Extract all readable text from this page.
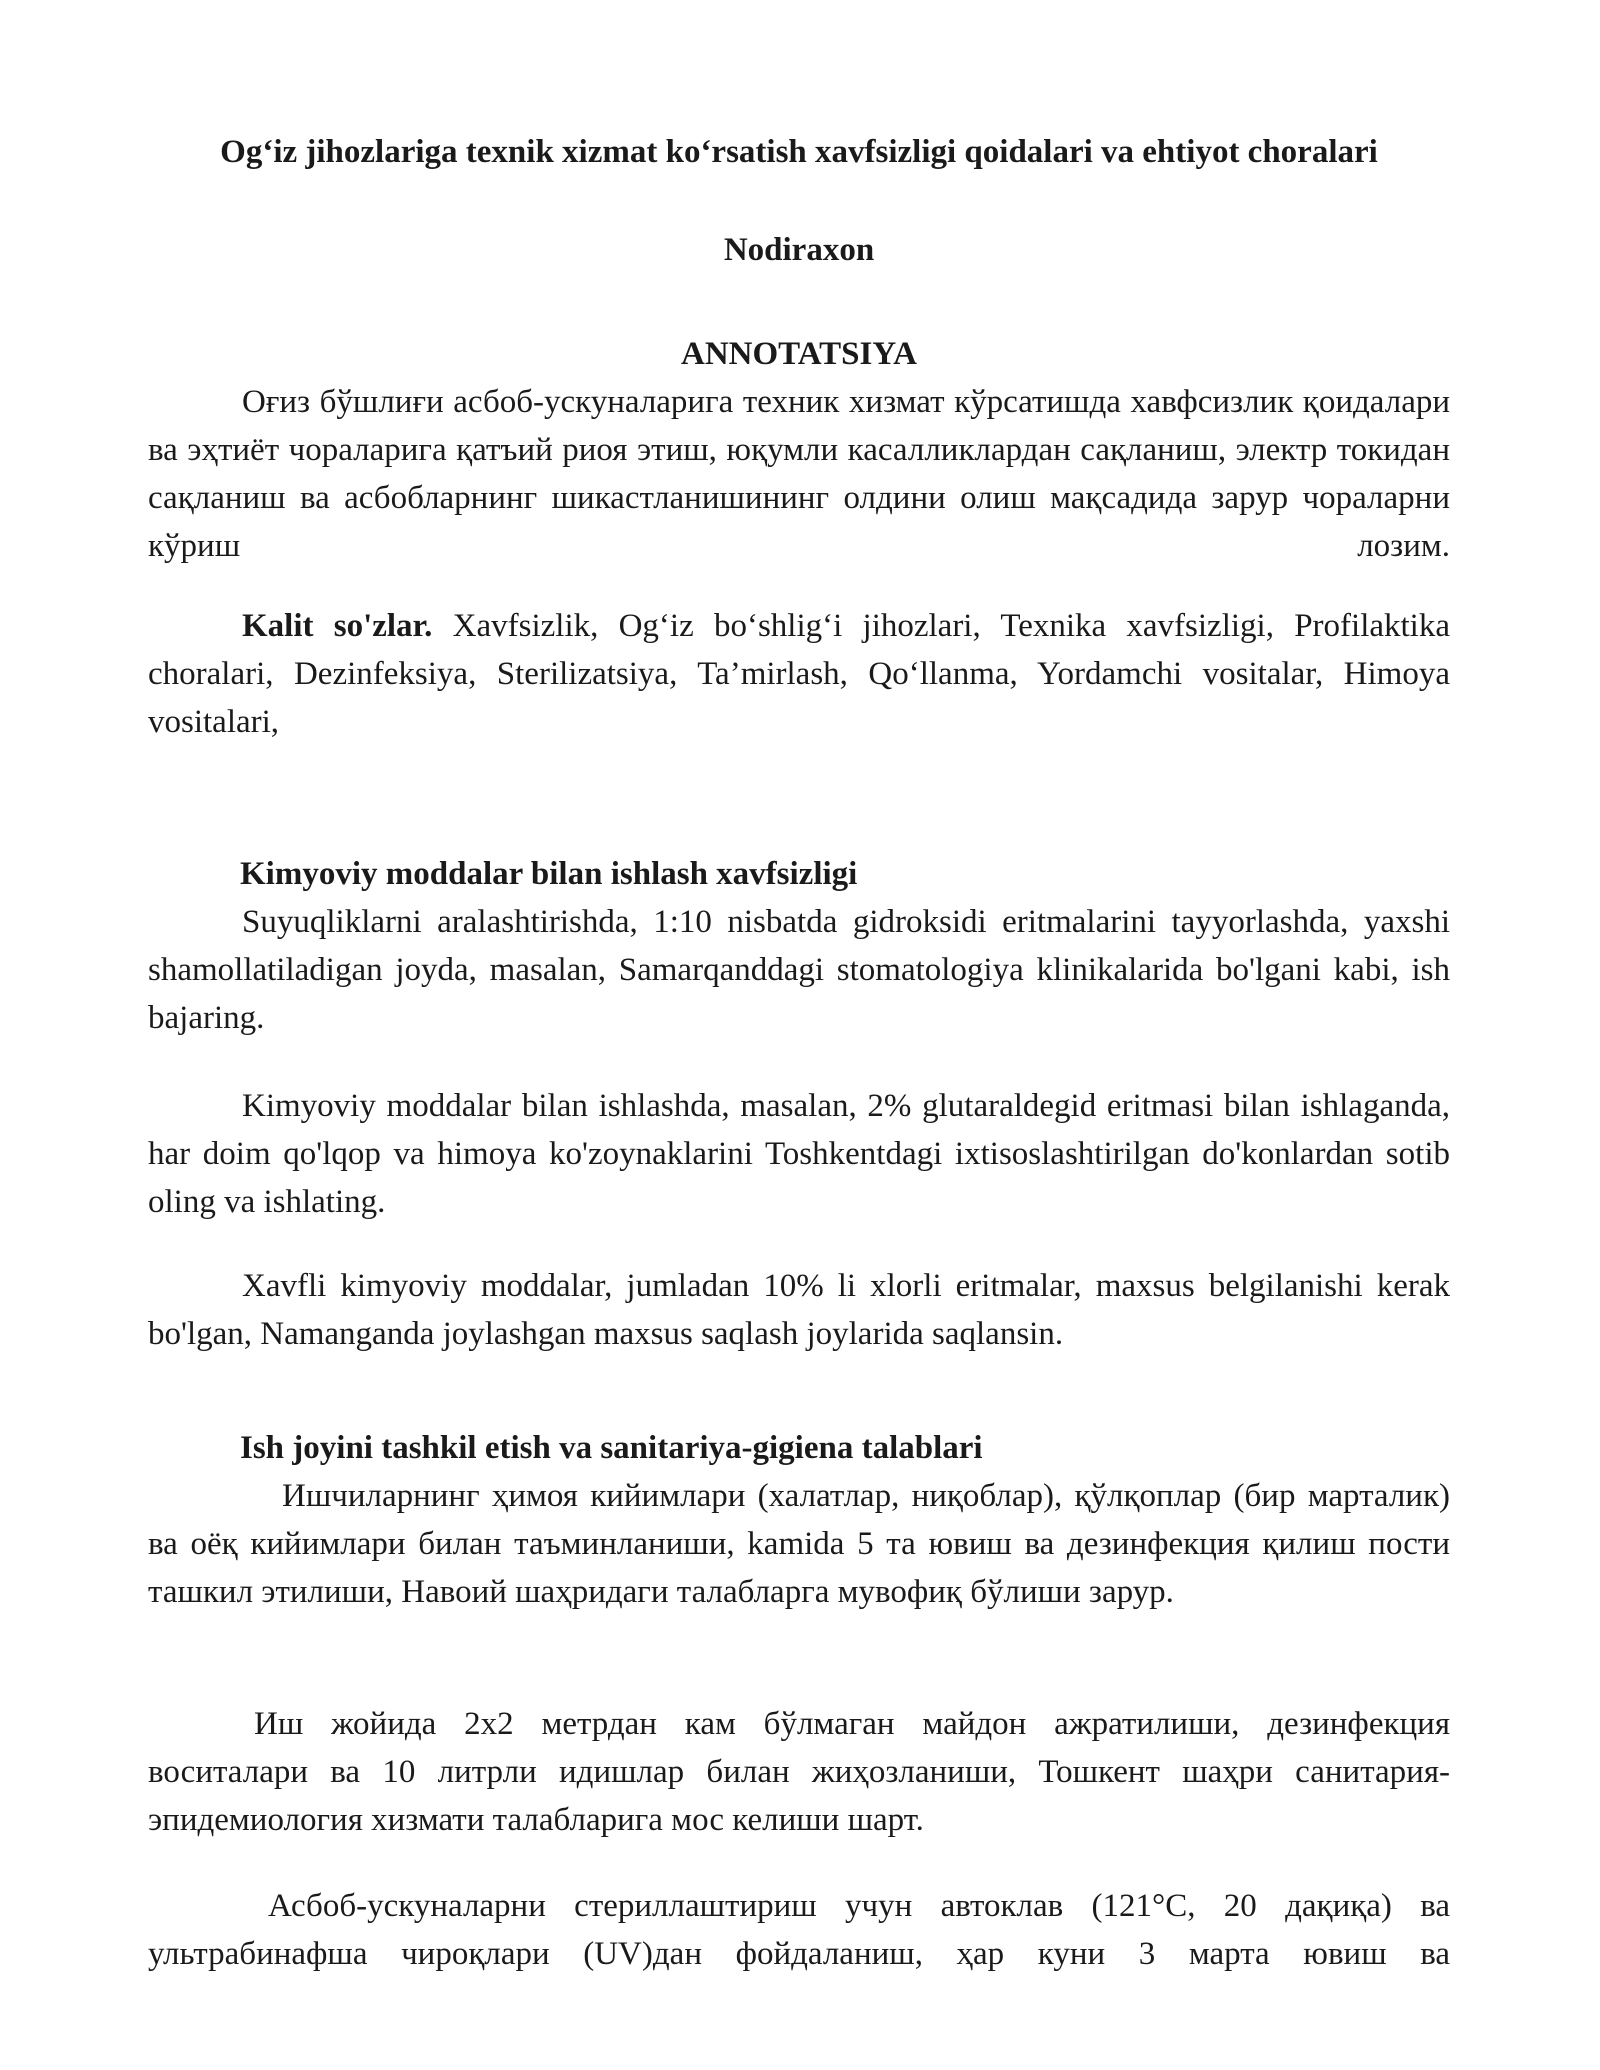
Og‘iz jihozlariga texnik xizmat ko‘rsatish xavfsizligi qoidalari va ehtiyot choralari
Nodiraxon
ANNOTATSIYA

Оғиз бўшлиғи асбоб-ускуналарига техник хизмат кўрсатишда хавфсизлик қоидалари ва эҳтиёт чораларига қатъий риоя этиш, юқумли касалликлардан сақланиш, электр токидан сақланиш ва асбобларнинг шикастланишининг олдини олиш мақсадида зарур чораларни кўриш лозим.

Kalit so'zlar. Xavfsizlik, Og‘iz bo‘shlig‘i jihozlari, Texnika xavfsizligi, Profilaktika choralari, Dezinfeksiya, Sterilizatsiya, Ta’mirlash, Qo‘llanma, Yordamchi vositalar, Himoya vositalari,

Kimyoviy moddalar bilan ishlash xavfsizligi

Suyuqliklarni aralashtirishda, 1:10 nisbatda gidroksidi eritmalarini tayyorlashda, yaxshi shamollatiladigan joyda, masalan, Samarqanddagi stomatologiya klinikalarida bo'lgani kabi, ish bajaring.

Kimyoviy moddalar bilan ishlashda, masalan, 2% glutaraldegid eritmasi bilan ishlaganda, har doim qo'lqop va himoya ko'zoynaklarini Toshkentdagi ixtisoslashtirilgan do'konlardan sotib oling va ishlating.

Xavfli kimyoviy moddalar, jumladan 10% li xlorli eritmalar, maxsus belgilanishi kerak bo'lgan, Namanganda joylashgan maxsus saqlash joylarida saqlansin.

Ish joyini tashkil etish va sanitariya-gigiena talablari

Ишчиларнинг ҳимоя кийимлари (халатлар, ниқоблар), қўлқоплар (бир марталик) ва оёқ кийимлари билан таъминланиши, kamida 5 та ювиш ва дезинфекция қилиш пости ташкил этилиши, Навоий шаҳридаги талабларга мувофиқ бўлиши зарур.

Иш жойида 2х2 метрдан кам бўлмаган майдон ажратилиши, дезинфекция воситалари ва 10 литрли идишлар билан жиҳозланиши, Тошкент шаҳри санитария-эпидемиология хизмати талабларига мос келиши шарт.

Асбоб-ускуналарни стериллаштириш учун автоклав (121°C, 20 дақиқа) ва ультрабинафша чироқлари (UV)дан фойдаланиш, ҳар куни 3 марта ювиш ва
